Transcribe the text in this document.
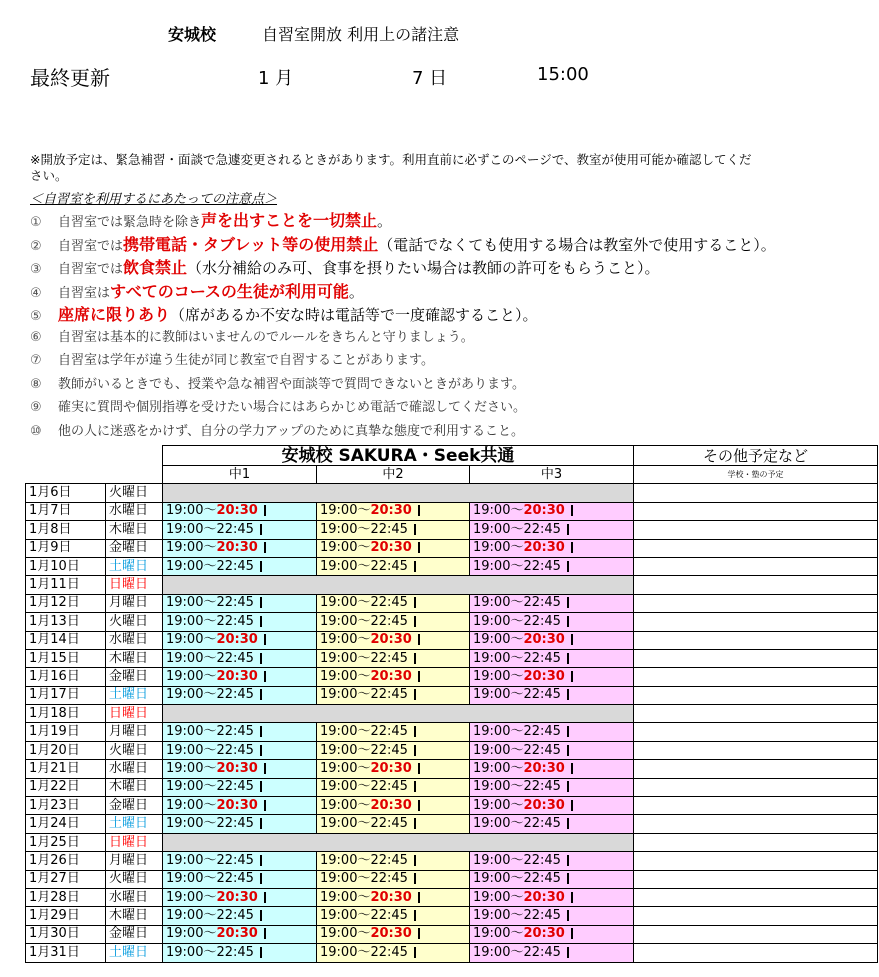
安城校	自習室開放 利用上の諸注意
最終更新	1 月	7 日	15:00
※開放予定は、緊急補習・面談で急遽変更されるときがあります。利用直前に必ずこのページで、教室が使用可能か確認してください。
＜自習室を利用するにあたっての注意点＞
① 自習室では緊急時を除き声を出すことを一切禁止。
② 自習室では携帯電話・タブレット等の使用禁止（電話でなくても使用する場合は教室外で使用すること）。
③ 自習室では飲食禁止（水分補給のみ可、食事を摂りたい場合は教師の許可をもらうこと）。
④ 自習室はすべてのコースの生徒が利用可能。
⑤ 座席に限りあり（席があるか不安な時は電話等で一度確認すること）。
⑥ 自習室は基本的に教師はいませんのでルールをきちんと守りましょう。
⑦ 自習室は学年が違う生徒が同じ教室で自習することがあります。
⑧ 教師がいるときでも、授業や急な補習や面談等で質問できないときがあります。
⑨ 確実に質問や個別指導を受けたい場合にはあらかじめ電話で確認してください。
⑩ 他の人に迷惑をかけず、自分の学力アップのために真摯な態度で利用すること。
		安城校 SAKURA・Seek共通			その他予定など
		中1	中2	中3	学校・塾の予定
1月6日	火曜日				
1月7日	水曜日	19:00～20:30	19:00～20:30	19:00～20:30	
1月8日	木曜日	19:00～22:45	19:00～22:45	19:00～22:45	
1月9日	金曜日	19:00～20:30	19:00～20:30	19:00～20:30	
1月10日	土曜日	19:00～22:45	19:00～22:45	19:00～22:45	
1月11日	日曜日				
1月12日	月曜日	19:00～22:45	19:00～22:45	19:00～22:45	
1月13日	火曜日	19:00～22:45	19:00～22:45	19:00～22:45	
1月14日	水曜日	19:00～20:30	19:00～20:30	19:00～20:30	
1月15日	木曜日	19:00～22:45	19:00～22:45	19:00～22:45	
1月16日	金曜日	19:00～20:30	19:00～20:30	19:00～20:30	
1月17日	土曜日	19:00～22:45	19:00～22:45	19:00～22:45	
1月18日	日曜日				
1月19日	月曜日	19:00～22:45	19:00～22:45	19:00～22:45	
1月20日	火曜日	19:00～22:45	19:00～22:45	19:00～22:45	
1月21日	水曜日	19:00～20:30	19:00～20:30	19:00～20:30	
1月22日	木曜日	19:00～22:45	19:00～22:45	19:00～22:45	
1月23日	金曜日	19:00～20:30	19:00～20:30	19:00～20:30	
1月24日	土曜日	19:00～22:45	19:00～22:45	19:00～22:45	
1月25日	日曜日				
1月26日	月曜日	19:00～22:45	19:00～22:45	19:00～22:45	
1月27日	火曜日	19:00～22:45	19:00～22:45	19:00～22:45	
1月28日	水曜日	19:00～20:30	19:00～20:30	19:00～20:30	
1月29日	木曜日	19:00～22:45	19:00～22:45	19:00～22:45	
1月30日	金曜日	19:00～20:30	19:00～20:30	19:00～20:30	
1月31日	土曜日	19:00～22:45	19:00～22:45	19:00～22:45	
